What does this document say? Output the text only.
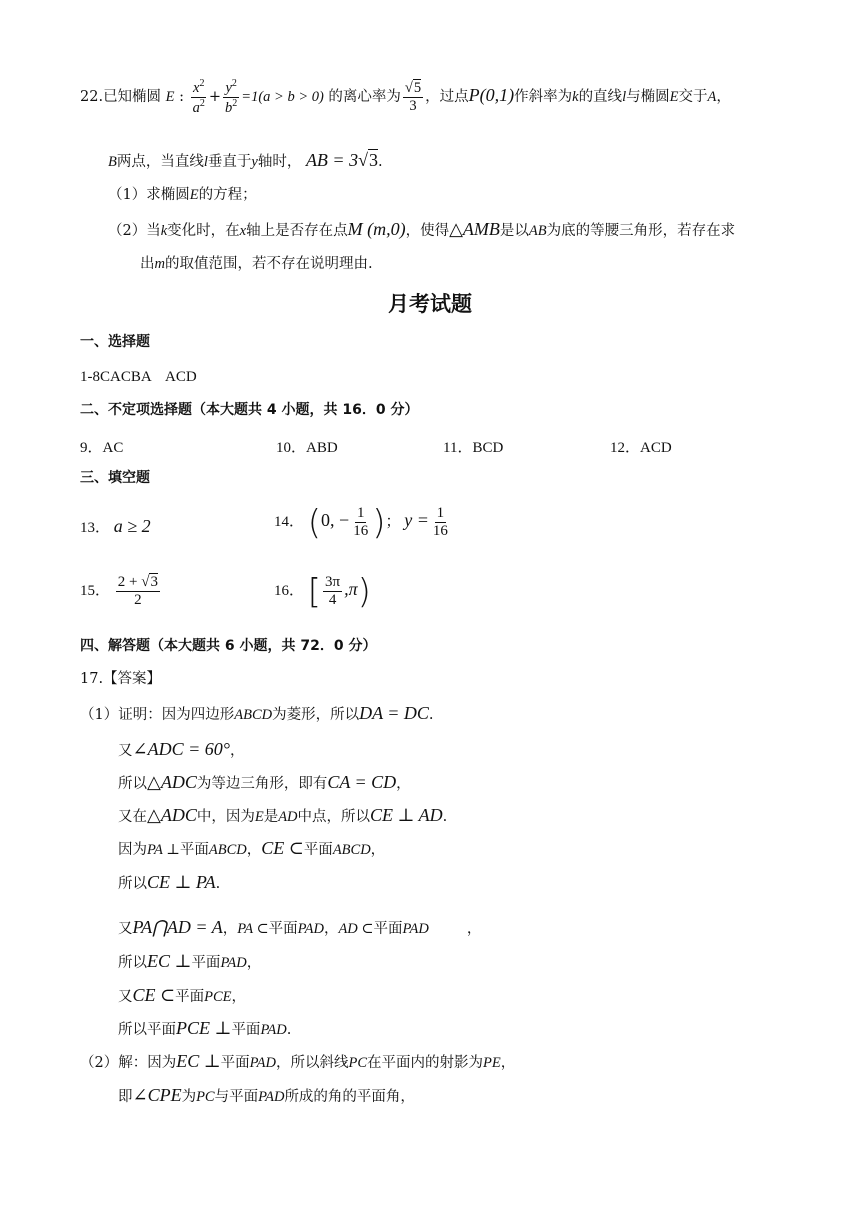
22.已知椭圆 E : $\frac{x^2}{a^2} + \frac{y^2}{b^2} =1(a > b > 0)$ 的离心率为 $\frac{√5}{3}$ ，过点P(0,1)作斜率为k的直线l与椭圆E交于A，
B两点，当直线l垂直于y轴时， AB = 3√3.
（1）求椭圆E的方程；
（2）当k变化时，在x轴上是否存在点M (m,0)，使得△AMB是以AB为底的等腰三角形，若存在求
出m的取值范围，若不存在说明理由.
月考试题
一、选择题
1-8CACBA    ACD
二、不定项选择题（本大题共 4 小题，共 16．0 分）
9．AC	10．ABD	11．BCD	12．ACD
三、填空题
13． a ≥ 2	14． (0, − $\frac{1}{16}$ )； $y = \frac{1}{16}$
15． $\frac{2 + √3}{2}$	16． [ $\frac{3\pi}{4} ,\pi$)
四、解答题（本大题共 6 小题，共 72．0 分）
17.【答案】
（1）证明：因为四边形ABCD为菱形，所以DA = DC.
又∠ADC = 60°，
所以△ADC为等边三角形，即有CA = CD，
又在△ADC中，因为E是AD中点，所以CE ⊥ AD.
因为PA ⊥平面ABCD，CE ⊂平面ABCD，
所以CE ⊥ PA.
又PA⋂AD = A，PA ⊂平面PAD，AD ⊂平面PAD	，
所以EC ⊥平面PAD，
又CE ⊂平面PCE，
所以平面PCE ⊥平面PAD.
（2）解：因为EC ⊥平面PAD，所以斜线PC在平面内的射影为PE，
即∠CPE为PC与平面PAD所成的角的平面角，
